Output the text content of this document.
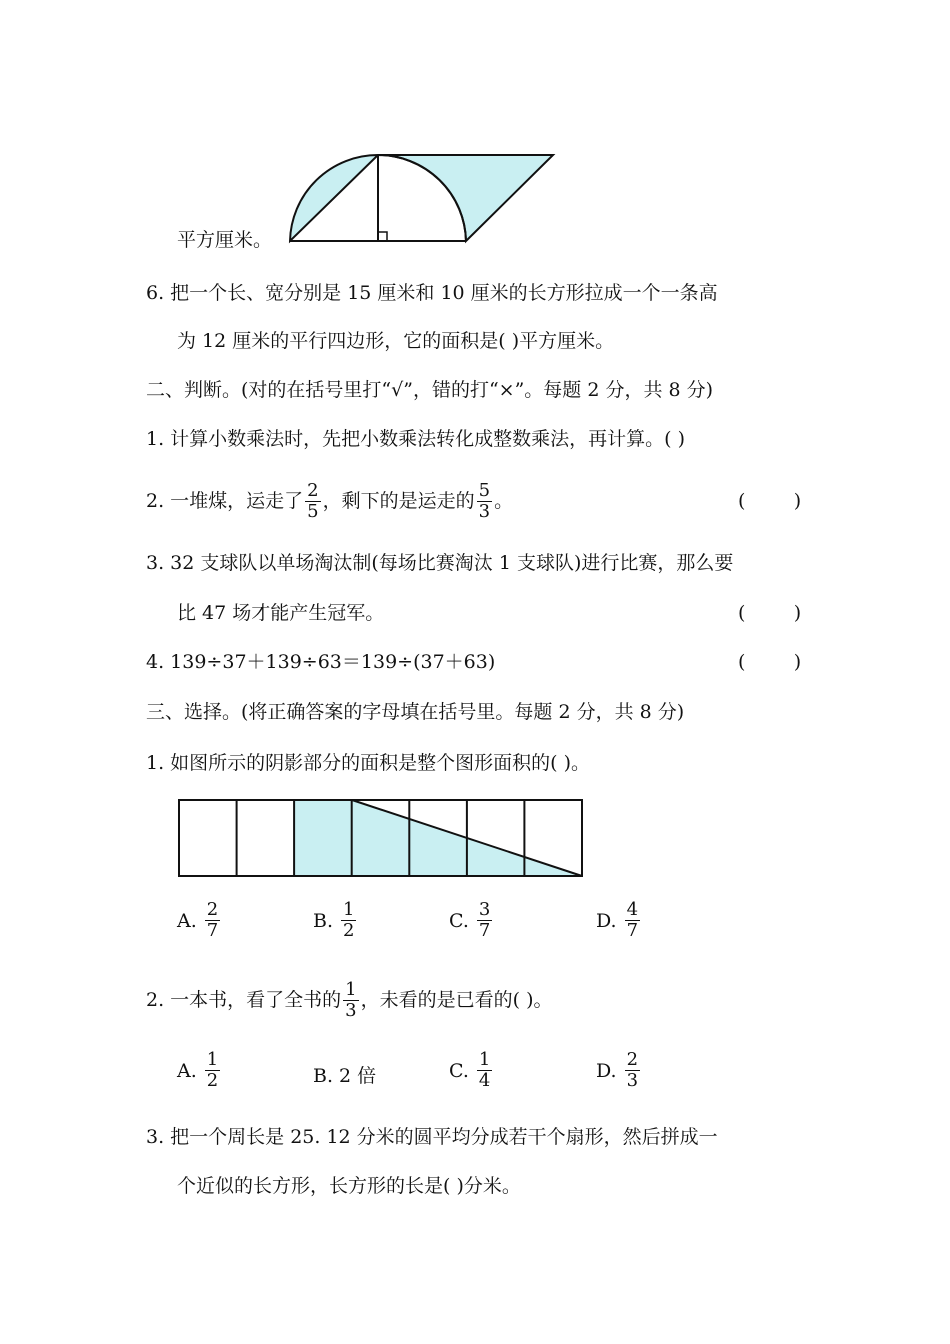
平方厘米。
6. 把一个长、宽分别是 15 厘米和 10 厘米的长方形拉成一个一条高
为 12 厘米的平行四边形，它的面积是( )平方厘米。
二、判断。(对的在括号里打“√”，错的打“×”。每题 2 分，共 8 分)
1. 计算小数乘法时，先把小数乘法转化成整数乘法，再计算。( )
2. 一堆煤，运走了 $\frac{2}{5}$ ，剩下的是运走的 $\frac{5}{3}$ 。	(        )
3. 32 支球队以单场淘汰制(每场比赛淘汰 1 支球队)进行比赛，那么要
比 47 场才能产生冠军。	(        )
4. 139÷37＋139÷63＝139÷(37＋63)	(        )
三、选择。(将正确答案的字母填在括号里。每题 2 分，共 8 分)
1. 如图所示的阴影部分的面积是整个图形面积的( )。
A. $\frac{2}{7}$	B. $\frac{1}{2}$	C. $\frac{3}{7}$	D. $\frac{4}{7}$
2. 一本书，看了全书的 $\frac{1}{3}$ ，未看的是已看的( )。
A. $\frac{1}{2}$	B. 2 倍	C. $\frac{1}{4}$	D. $\frac{2}{3}$
3. 把一个周长是 25. 12 分米的圆平均分成若干个扇形，然后拼成一
个近似的长方形，长方形的长是( )分米。
